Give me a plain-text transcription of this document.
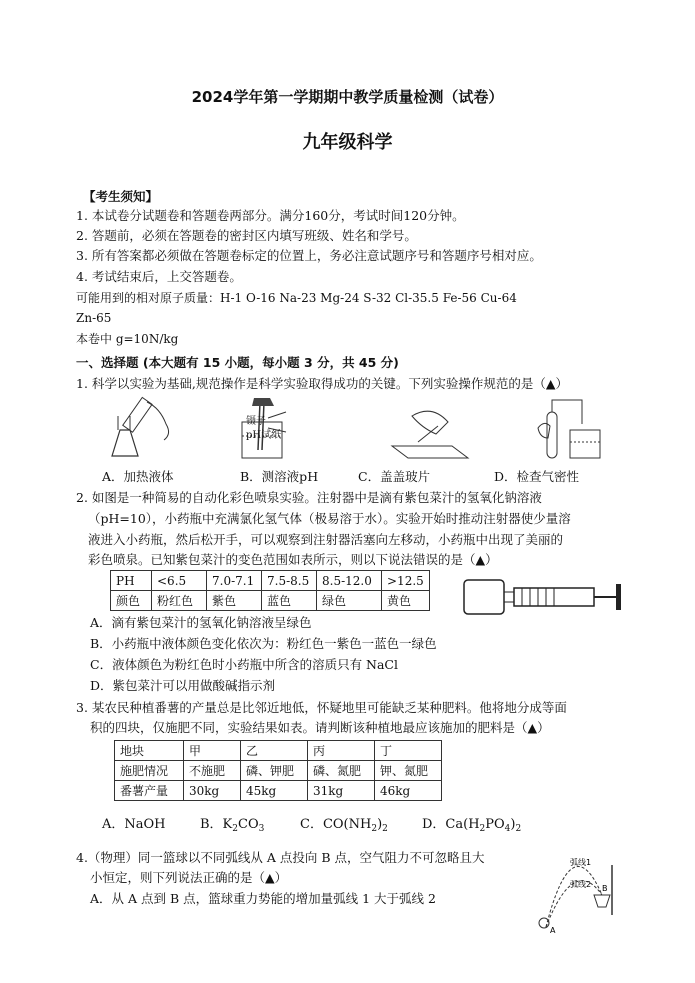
2024学年第一学期期中教学质量检测（试卷）
九年级科学
【考生须知】
1. 本试卷分试题卷和答题卷两部分。满分160分，考试时间120分钟。
2. 答题前，必须在答题卷的密封区内填写班级、姓名和学号。
3. 所有答案都必须做在答题卷标定的位置上，务必注意试题序号和答题序号相对应。
4. 考试结束后，上交答题卷。
可能用到的相对原子质量：H-1 O-16 Na-23 Mg-24 S-32 Cl-35.5 Fe-56 Cu-64
Zn-65
本卷中 g=10N/kg
一、选择题 (本大题有 15 小题，每小题 3 分，共 45 分)
1. 科学以实验为基础,规范操作是科学实验取得成功的关键。下列实验操作规范的是（▲）
镊子
pH试纸
A．加热液体	B．测溶液pH	C．盖盖玻片	D．检查气密性
2. 如图是一种简易的自动化彩色喷泉实验。注射器中是滴有紫包菜汁的氢氧化钠溶液
（pH=10），小药瓶中充满氯化氢气体（极易溶于水）。实验开始时推动注射器使少量溶
液进入小药瓶，然后松开手，可以观察到注射器活塞向左移动，小药瓶中出现了美丽的
彩色喷泉。已知紫包菜汁的变色范围如表所示，则以下说法错误的是（▲）
PH	<6.5	7.0-7.1	7.5-8.5	8.5-12.0	>12.5
颜色	粉红色	紫色	蓝色	绿色	黄色
A．滴有紫包菜汁的氢氧化钠溶液呈绿色
B．小药瓶中液体颜色变化依次为：粉红色一紫色一蓝色一绿色
C．液体颜色为粉红色时小药瓶中所含的溶质只有 NaCl
D．紫包菜汁可以用做酸碱指示剂
3. 某农民种植番薯的产量总是比邻近地低，怀疑地里可能缺乏某种肥料。他将地分成等面
积的四块，仅施肥不同，实验结果如表。请判断该种植地最应该施加的肥料是（▲）
地块	甲	乙	丙	丁
施肥情况	不施肥	磷、钾肥	磷、氮肥	钾、氮肥
番薯产量	30kg	45kg	31kg	46kg
A．NaOH	B．$K_2CO_3$	C．$CO(NH_2)_2$	D．$Ca(H_2PO_4)_2$
4.（物理）同一篮球以不同弧线从 A 点投向 B 点，空气阻力不可忽略且大
小恒定，则下列说法正确的是（▲）
A．从 A 点到 B 点，篮球重力势能的增加量弧线 1 大于弧线 2
弧线1
弧线2
A
B
